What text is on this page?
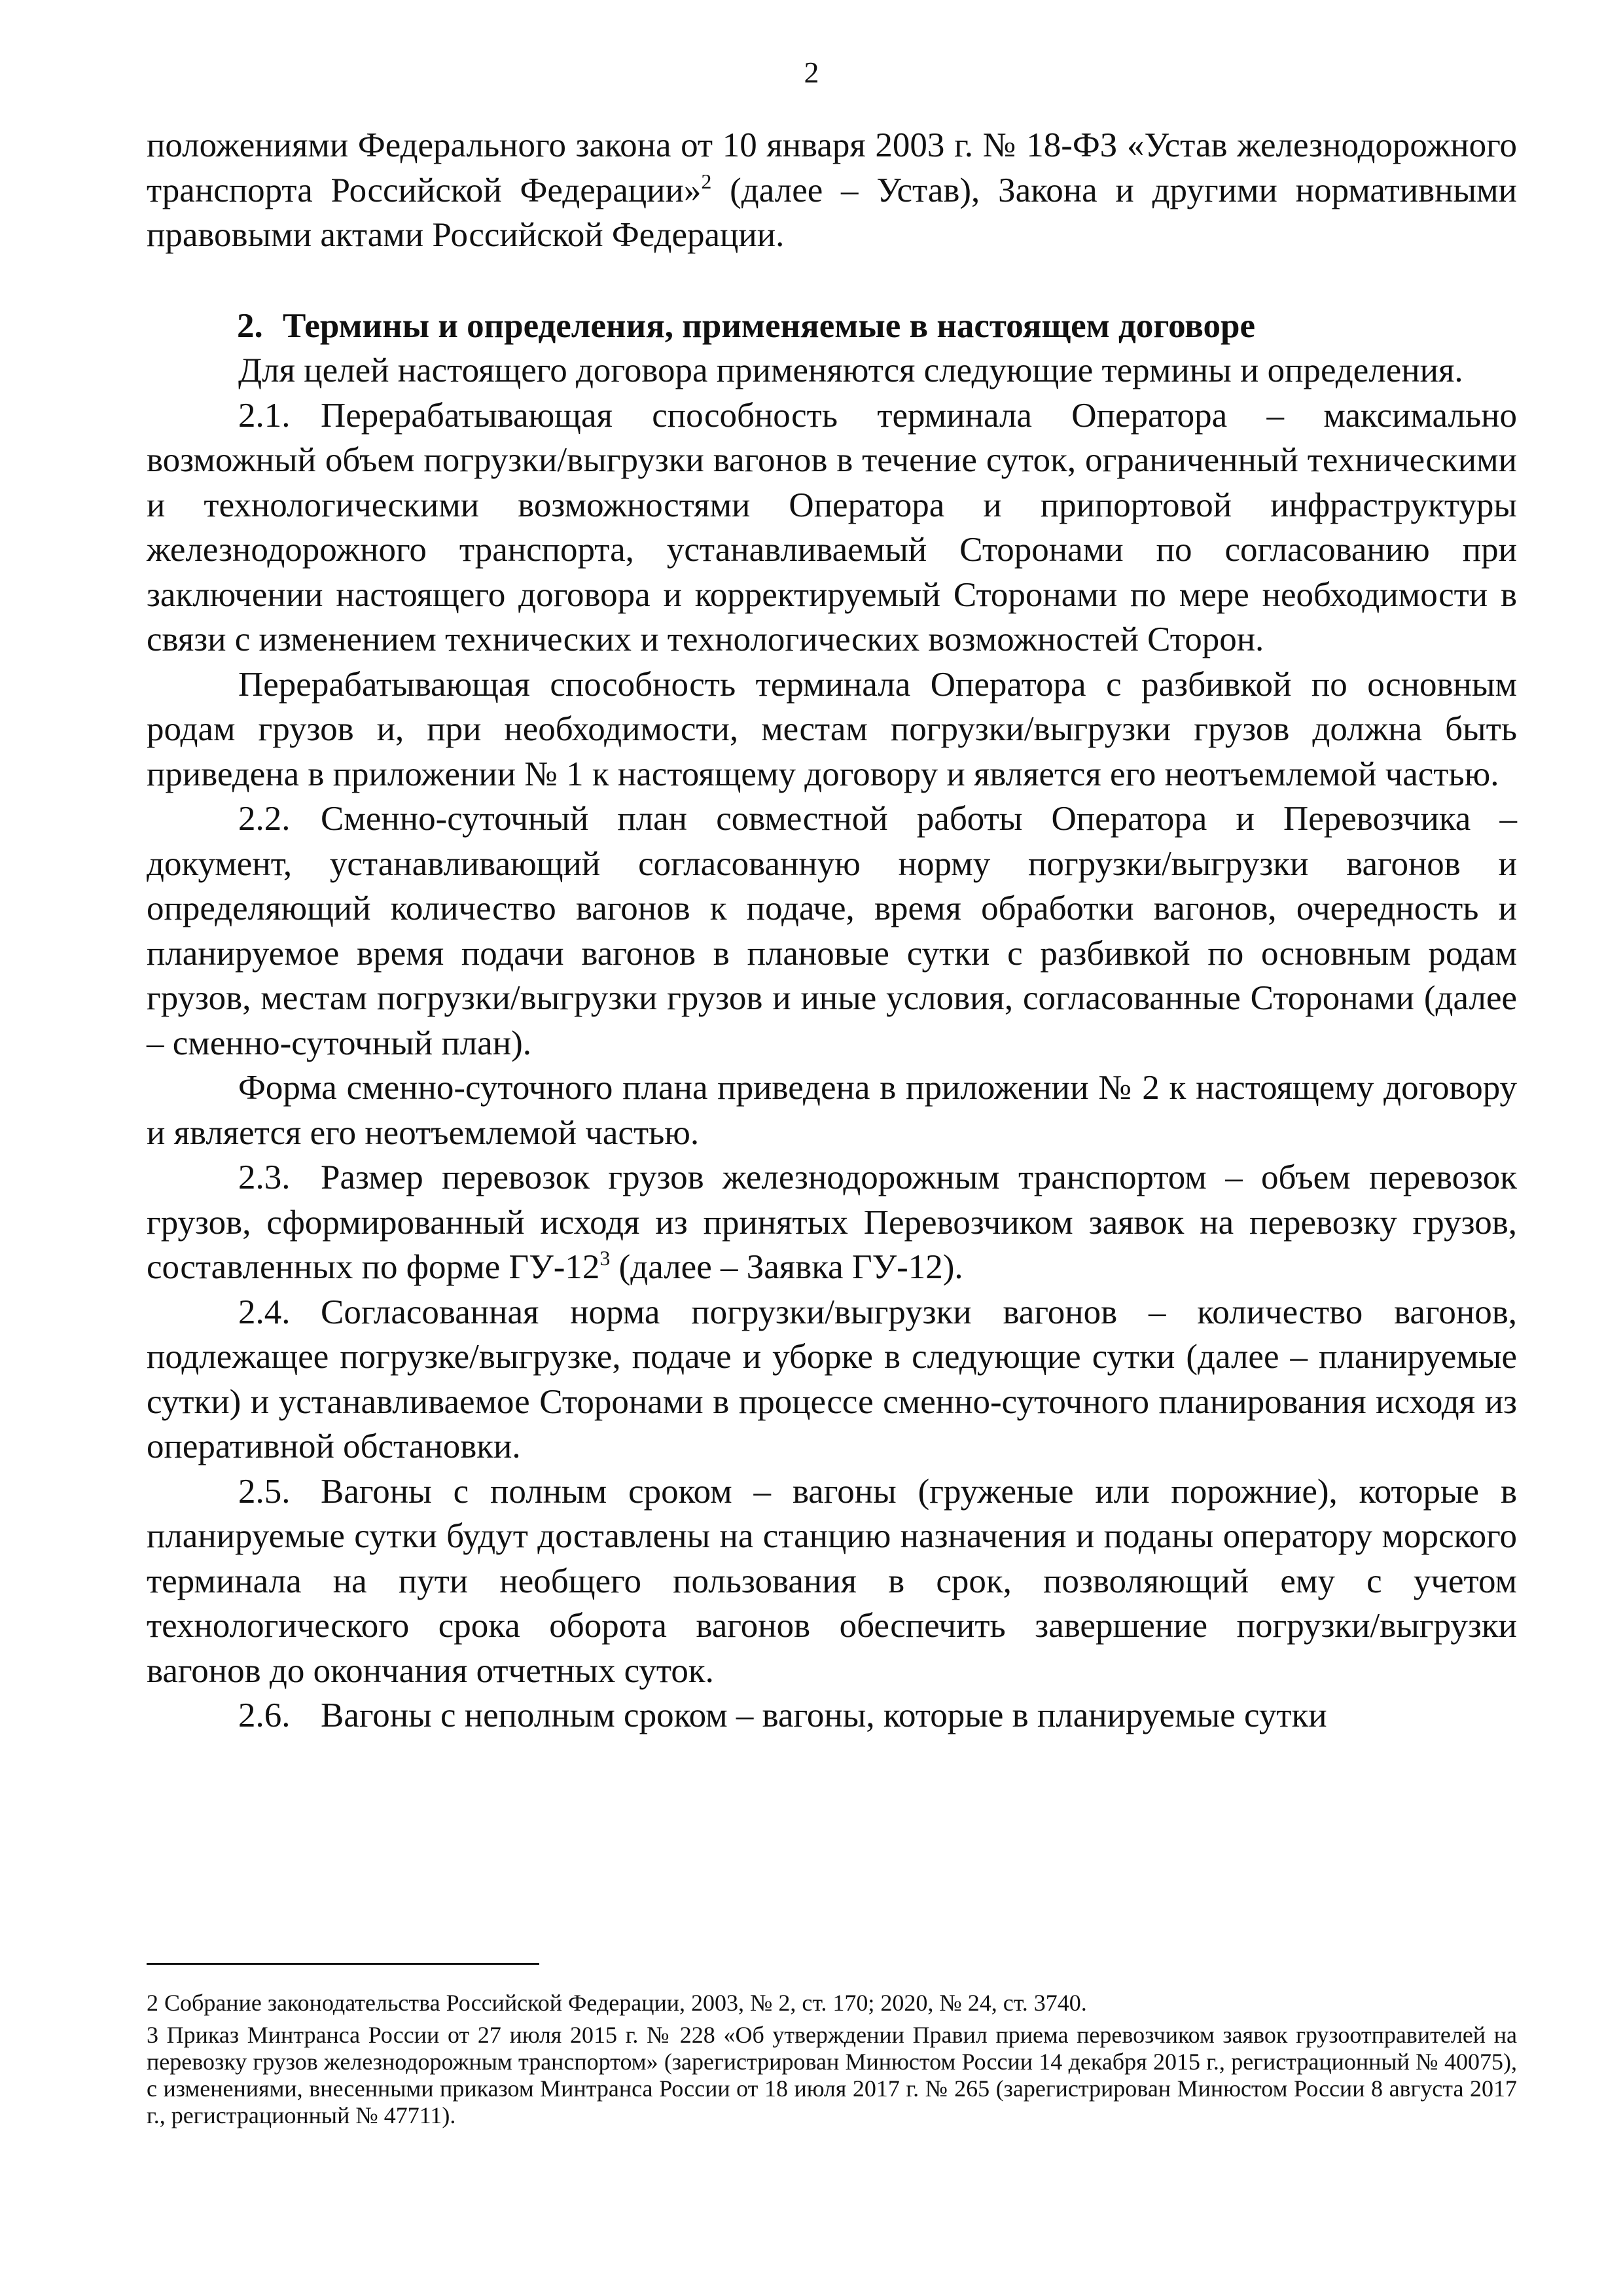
2

положениями Федерального закона от 10 января 2003 г. № 18-ФЗ «Устав железнодорожного транспорта Российской Федерации»$^2$ (далее – Устав), Закона и другими нормативными правовыми актами Российской Федерации.

2. Термины и определения, применяемые в настоящем договоре

Для целей настоящего договора применяются следующие термины и определения.

2.1. Перерабатывающая способность терминала Оператора – максимально возможный объем погрузки/выгрузки вагонов в течение суток, ограниченный техническими и технологическими возможностями Оператора и припортовой инфраструктуры железнодорожного транспорта, устанавливаемый Сторонами по согласованию при заключении настоящего договора и корректируемый Сторонами по мере необходимости в связи с изменением технических и технологических возможностей Сторон.

Перерабатывающая способность терминала Оператора с разбивкой по основным родам грузов и, при необходимости, местам погрузки/выгрузки грузов должна быть приведена в приложении № 1 к настоящему договору и является его неотъемлемой частью.

2.2. Сменно-суточный план совместной работы Оператора и Перевозчика – документ, устанавливающий согласованную норму погрузки/выгрузки вагонов и определяющий количество вагонов к подаче, время обработки вагонов, очередность и планируемое время подачи вагонов в плановые сутки с разбивкой по основным родам грузов, местам погрузки/выгрузки грузов и иные условия, согласованные Сторонами (далее – сменно-суточный план).

Форма сменно-суточного плана приведена в приложении № 2 к настоящему договору и является его неотъемлемой частью.

2.3. Размер перевозок грузов железнодорожным транспортом – объем перевозок грузов, сформированный исходя из принятых Перевозчиком заявок на перевозку грузов, составленных по форме $ГУ-12^3$ (далее – Заявка ГУ-12).

2.4. Согласованная норма погрузки/выгрузки вагонов – количество вагонов, подлежащее погрузке/выгрузке, подаче и уборке в следующие сутки (далее – планируемые сутки) и устанавливаемое Сторонами в процессе сменно-суточного планирования исходя из оперативной обстановки.

2.5. Вагоны с полным сроком – вагоны (груженые или порожние), которые в планируемые сутки будут доставлены на станцию назначения и поданы оператору морского терминала на пути необщего пользования в срок, позволяющий ему с учетом технологического срока оборота вагонов обеспечить завершение погрузки/выгрузки вагонов до окончания отчетных суток.

2.6. Вагоны с неполным сроком – вагоны, которые в планируемые сутки

2 Собрание законодательства Российской Федерации, 2003, № 2, ст. 170; 2020, № 24, ст. 3740.

3 Приказ Минтранса России от 27 июля 2015 г. № 228 «Об утверждении Правил приема перевозчиком заявок грузоотправителей на перевозку грузов железнодорожным транспортом» (зарегистрирован Минюстом России 14 декабря 2015 г., регистрационный № 40075), с изменениями, внесенными приказом Минтранса России от 18 июля 2017 г. № 265 (зарегистрирован Минюстом России 8 августа 2017 г., регистрационный № 47711).
